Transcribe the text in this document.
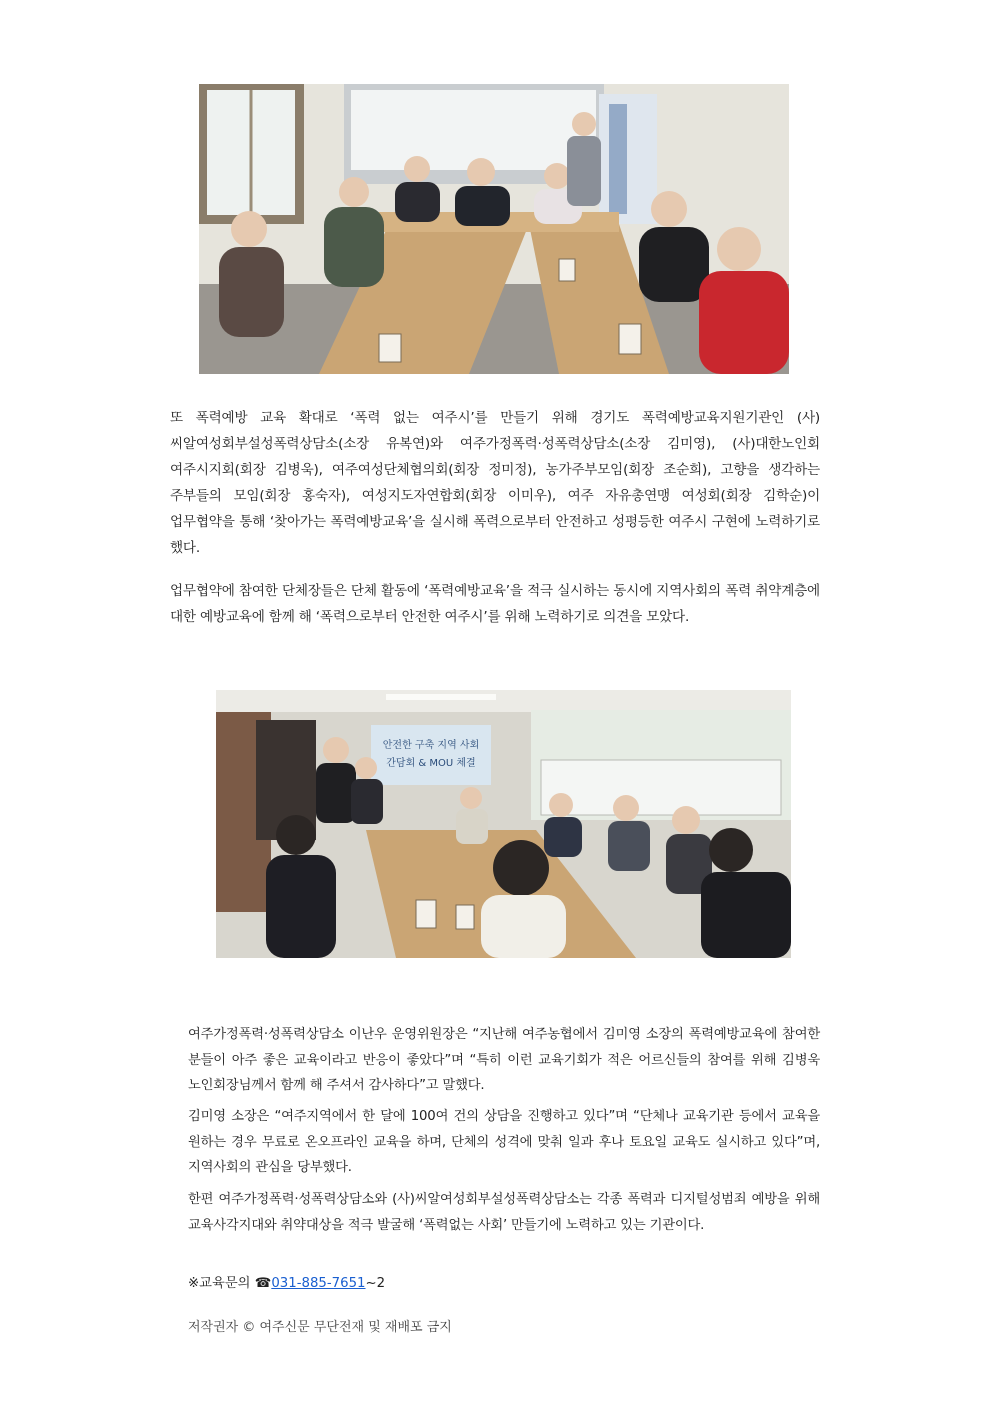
또 폭력예방 교육 확대로 ‘폭력 없는 여주시’를 만들기 위해 경기도 폭력예방교육지원기관인 (사)씨알여성회부설성폭력상담소(소장 유복연)와 여주가정폭력·성폭력상담소(소장 김미영), (사)대한노인회 여주시지회(회장 김병욱), 여주여성단체협의회(회장 정미정), 농가주부모임(회장 조순희), 고향을 생각하는 주부들의 모임(회장 홍숙자), 여성지도자연합회(회장 이미우), 여주 자유총연맹 여성회(회장 김학순)이 업무협약을 통해 ‘찾아가는 폭력예방교육’을 실시해 폭력으로부터 안전하고 성평등한 여주시 구현에 노력하기로 했다.
업무협약에 참여한 단체장들은 단체 활동에 ‘폭력예방교육’을 적극 실시하는 동시에 지역사회의 폭력 취약계층에 대한 예방교육에 함께 해 ‘폭력으로부터 안전한 여주시’를 위해 노력하기로 의견을 모았다.
안전한 구축 지역 사회
간담회 & MOU 체결
여주가정폭력·성폭력상담소 이난우 운영위원장은 “지난해 여주농협에서 김미영 소장의 폭력예방교육에 참여한 분들이 아주 좋은 교육이라고 반응이 좋았다”며 “특히 이런 교육기회가 적은 어르신들의 참여를 위해 김병욱 노인회장님께서 함께 해 주셔서 감사하다”고 말했다.
김미영 소장은 “여주지역에서 한 달에 100여 건의 상담을 진행하고 있다”며 “단체나 교육기관 등에서 교육을 원하는 경우 무료로 온오프라인 교육을 하며, 단체의 성격에 맞춰 일과 후나 토요일 교육도 실시하고 있다”며, 지역사회의 관심을 당부했다.
한편 여주가정폭력·성폭력상담소와 (사)씨알여성회부설성폭력상담소는 각종 폭력과 디지털성범죄 예방을 위해 교육사각지대와 취약대상을 적극 발굴해 ‘폭력없는 사회’ 만들기에 노력하고 있는 기관이다.
※교육문의 ☎031-885-7651~2
저작권자 © 여주신문 무단전재 및 재배포 금지
